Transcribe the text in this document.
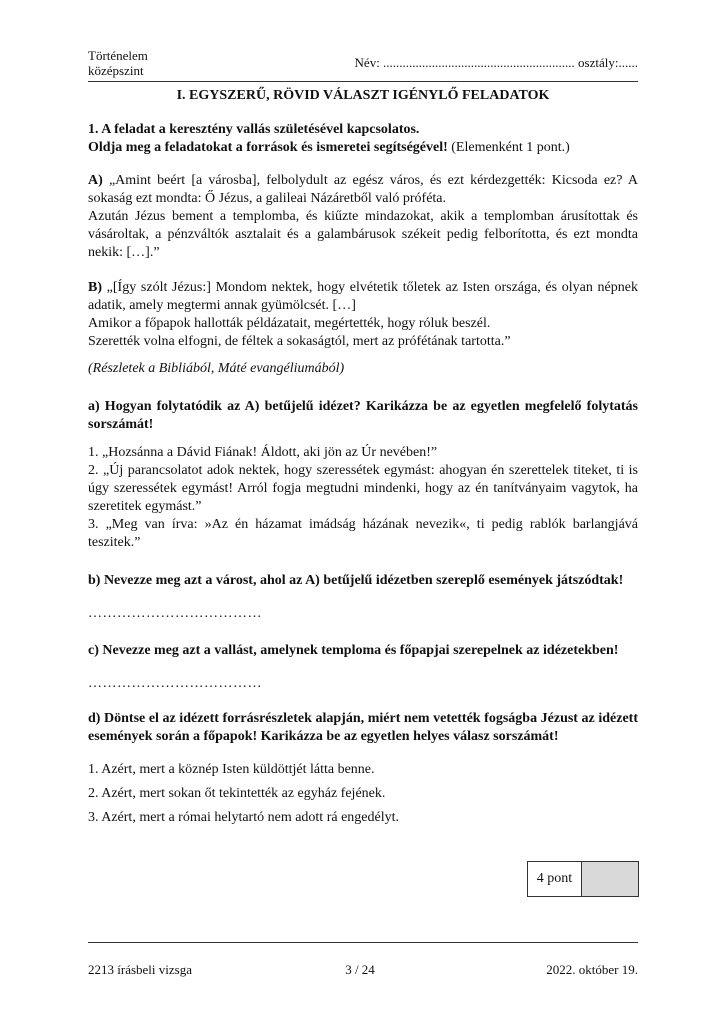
Történelem
középszint
Név: ........................................................... osztály:......
I. EGYSZERŰ, RÖVID VÁLASZT IGÉNYLŐ FELADATOK
1. A feladat a keresztény vallás születésével kapcsolatos.
Oldja meg a feladatokat a források és ismeretei segítségével! (Elemenként 1 pont.)
A) „Amint beért [a városba], felbolydult az egész város, és ezt kérdezgették: Kicsoda ez? A sokaság ezt mondta: Ő Jézus, a galileai Názáretből való próféta.
Azután Jézus bement a templomba, és kiűzte mindazokat, akik a templomban árusítottak és vásároltak, a pénzváltók asztalait és a galambárusok székeit pedig felborította, és ezt mondta nekik: […].”
B) „[Így szólt Jézus:] Mondom nektek, hogy elvétetik tőletek az Isten országa, és olyan népnek adatik, amely megtermi annak gyümölcsét. […]
Amikor a főpapok hallották példázatait, megértették, hogy róluk beszél.
Szerették volna elfogni, de féltek a sokaságtól, mert az prófétának tartotta.”
(Részletek a Bibliából, Máté evangéliumából)
a) Hogyan folytatódik az A) betűjelű idézet? Karikázza be az egyetlen megfelelő folytatás sorszámát!
1. „Hozsánna a Dávid Fiának! Áldott, aki jön az Úr nevében!”
2. „Új parancsolatot adok nektek, hogy szeressétek egymást: ahogyan én szerettelek titeket, ti is úgy szeressétek egymást! Arról fogja megtudni mindenki, hogy az én tanítványaim vagytok, ha szeretitek egymást.”
3. „Meg van írva: »Az én házamat imádság házának nevezik«, ti pedig rablók barlangjává teszitek.”
b) Nevezze meg azt a várost, ahol az A) betűjelű idézetben szereplő események játszódtak!
………………………………
c) Nevezze meg azt a vallást, amelynek temploma és főpapjai szerepelnek az idézetekben!
………………………………
d) Döntse el az idézett forrásrészletek alapján, miért nem vetették fogságba Jézust az idézett események során a főpapok! Karikázza be az egyetlen helyes válasz sorszámát!
1. Azért, mert a köznép Isten küldöttjét látta benne.
2. Azért, mert sokan őt tekintették az egyház fejének.
3. Azért, mert a római helytartó nem adott rá engedélyt.
4 pont
2213 írásbeli vizsga	3 / 24	2022. október 19.
